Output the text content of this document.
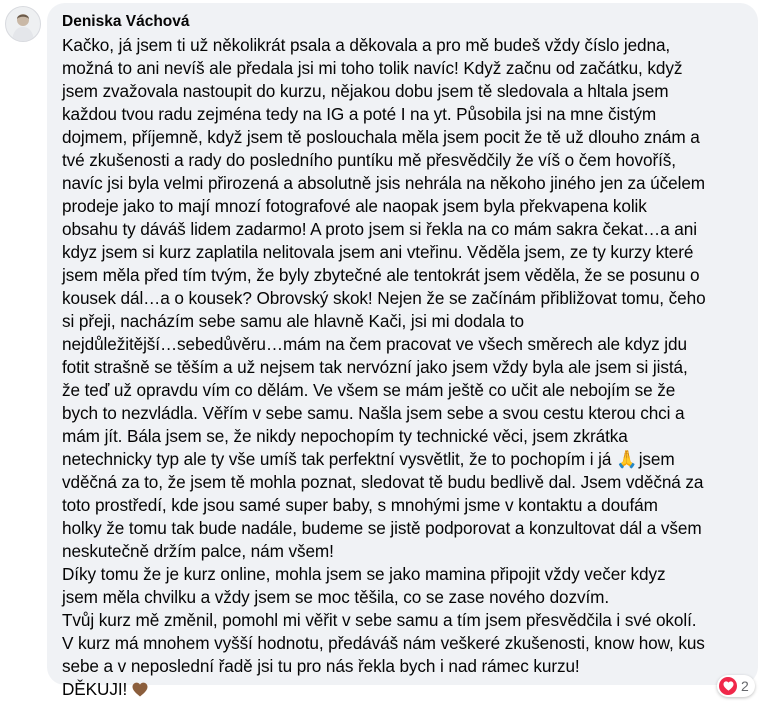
Deniska Váchová

Kačko, já jsem ti už několikrát psala a děkovala a pro mě budeš vždy číslo jedna,
možná to ani nevíš ale předala jsi mi toho tolik navíc! Když začnu od začátku, když
jsem zvažovala nastoupit do kurzu, nějakou dobu jsem tě sledovala a hltala jsem
každou tvou radu zejména tedy na IG a poté I na yt. Působila jsi na mne čistým
dojmem, příjemně, když jsem tě poslouchala měla jsem pocit že tě už dlouho znám a
tvé zkušenosti a rady do posledního puntíku mě přesvědčily že víš o čem hovoříš,
navíc jsi byla velmi přirozená a absolutně jsis nehrála na někoho jiného jen za účelem
prodeje jako to mají mnozí fotografové ale naopak jsem byla překvapena kolik
obsahu ty dáváš lidem zadarmo! A proto jsem si řekla na co mám sakra čekat…a ani
kdyz jsem si kurz zaplatila nelitovala jsem ani vteřinu. Věděla jsem, ze ty kurzy které
jsem měla před tím tvým, že byly zbytečné ale tentokrát jsem věděla, že se posunu o
kousek dál…a o kousek? Obrovský skok! Nejen že se začínám přibližovat tomu, čeho
si přeji, nacházím sebe samu ale hlavně Kači, jsi mi dodala to
nejdůležitější…sebedůvěru…mám na čem pracovat ve všech směrech ale kdyz jdu
fotit strašně se těším a už nejsem tak nervózní jako jsem vždy byla ale jsem si jistá,
že teď už opravdu vím co dělám. Ve všem se mám ještě co učit ale nebojím se že
bych to nezvládla. Věřím v sebe samu. Našla jsem sebe a svou cestu kterou chci a
mám jít. Bála jsem se, že nikdy nepochopím ty technické věci, jsem zkrátka
netechnicky typ ale ty vše umíš tak perfektní vysvětlit, že to pochopím i já 🙏 jsem
vděčná za to, že jsem tě mohla poznat, sledovat tě budu bedlivě dal. Jsem vděčná za
toto prostředí, kde jsou samé super baby, s mnohými jsme v kontaktu a doufám
holky že tomu tak bude nadále, budeme se jistě podporovat a konzultovat dál a všem
neskutečně držím palce, nám všem!
Díky tomu že je kurz online, mohla jsem se jako mamina připojit vždy večer kdyz
jsem měla chvilku a vždy jsem se moc těšila, co se zase nového dozvím.
Tvůj kurz mě změnil, pomohl mi věřit v sebe samu a tím jsem přesvědčila i své okolí.
V kurz má mnohem vyšší hodnotu, předáváš nám veškeré zkušenosti, know how, kus
sebe a v neposlední řadě jsi tu pro nás řekla bych i nad rámec kurzu!
DĚKUJI!	2
